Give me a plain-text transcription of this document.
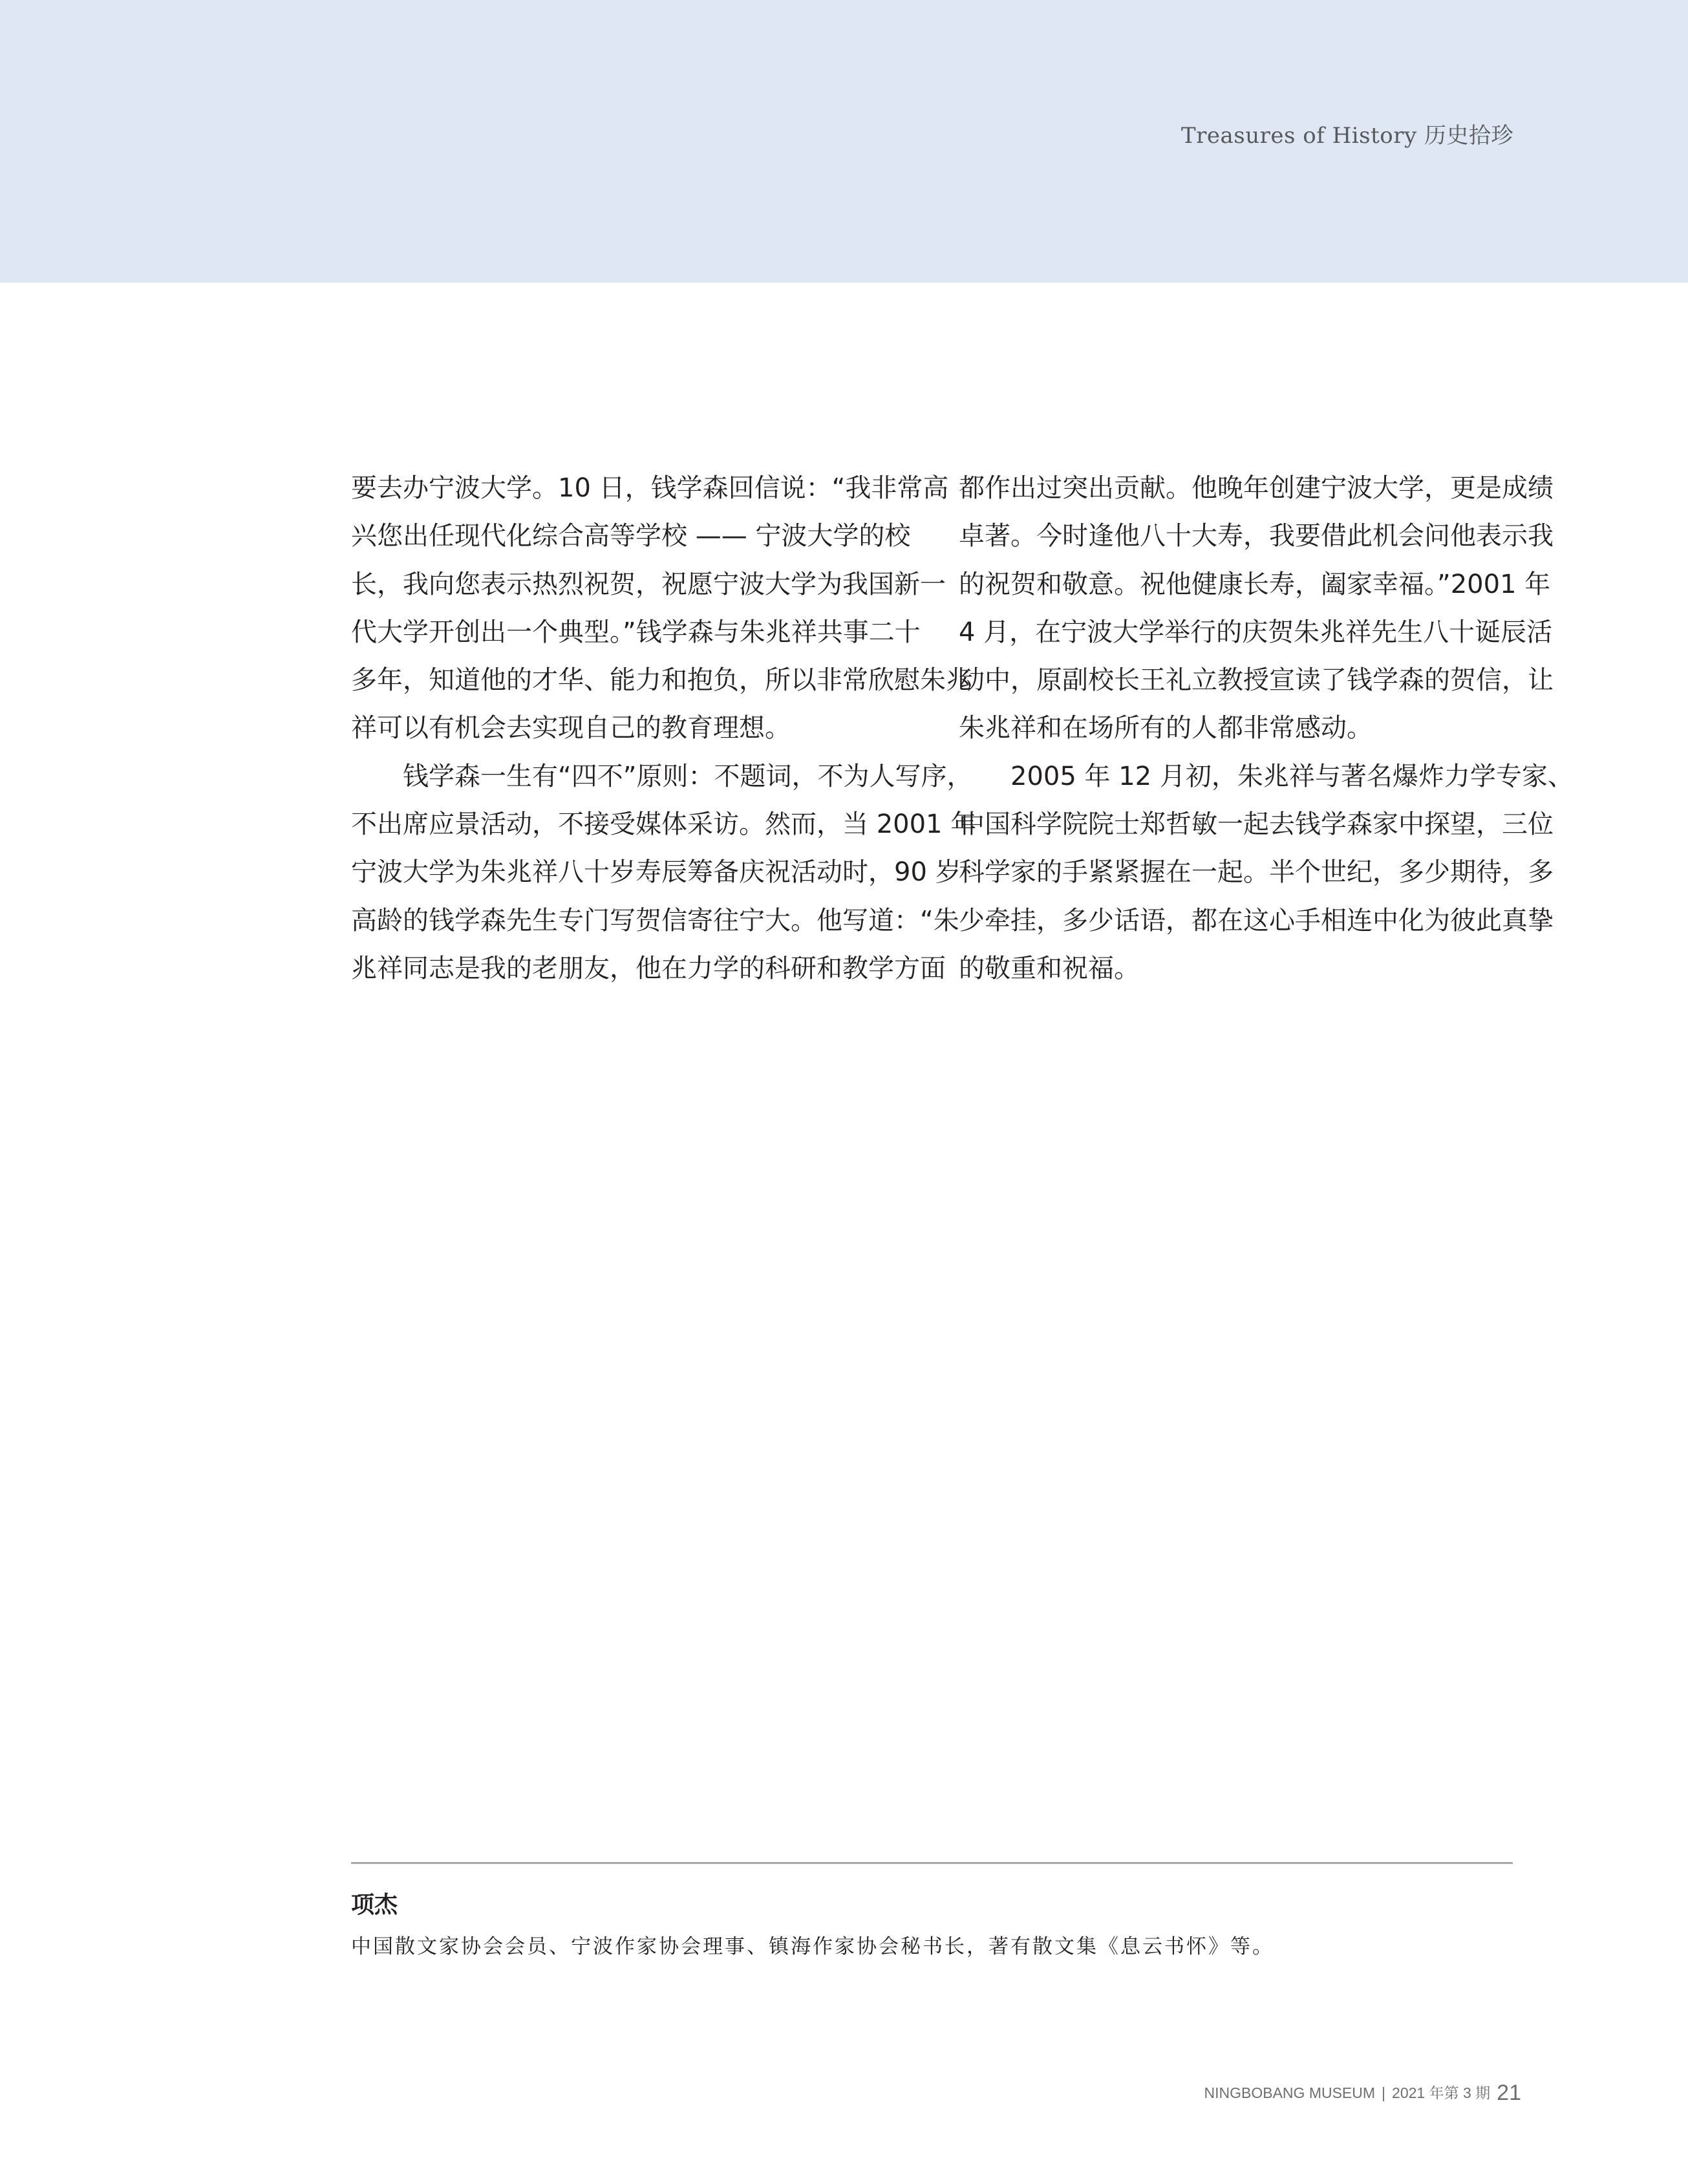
Treasures of History 历史拾珍
要去办宁波大学。10 日，钱学森回信说：“我非常高
兴您出任现代化综合高等学校 —— 宁波大学的校
长，我向您表示热烈祝贺，祝愿宁波大学为我国新一
代大学开创出一个典型。”钱学森与朱兆祥共事二十
多年，知道他的才华、能力和抱负，所以非常欣慰朱兆
祥可以有机会去实现自己的教育理想。
钱学森一生有“四不”原则：不题词，不为人写序，
不出席应景活动，不接受媒体采访。然而，当 2001 年
宁波大学为朱兆祥八十岁寿辰筹备庆祝活动时，90 岁
高龄的钱学森先生专门写贺信寄往宁大。他写道：“朱
兆祥同志是我的老朋友，他在力学的科研和教学方面
都作出过突出贡献。他晚年创建宁波大学，更是成绩
卓著。今时逢他八十大寿，我要借此机会问他表示我
的祝贺和敬意。祝他健康长寿，阖家幸福。”2001 年
4 月，在宁波大学举行的庆贺朱兆祥先生八十诞辰活
动中，原副校长王礼立教授宣读了钱学森的贺信，让
朱兆祥和在场所有的人都非常感动。
2005 年 12 月初，朱兆祥与著名爆炸力学专家、
中国科学院院士郑哲敏一起去钱学森家中探望，三位
科学家的手紧紧握在一起。半个世纪，多少期待，多
少牵挂，多少话语，都在这心手相连中化为彼此真挚
的敬重和祝福。
项杰
中国散文家协会会员、宁波作家协会理事、镇海作家协会秘书长，著有散文集《息云书怀》等。
NINGBOBANG MUSEUM | 2021 年第 3 期 21
